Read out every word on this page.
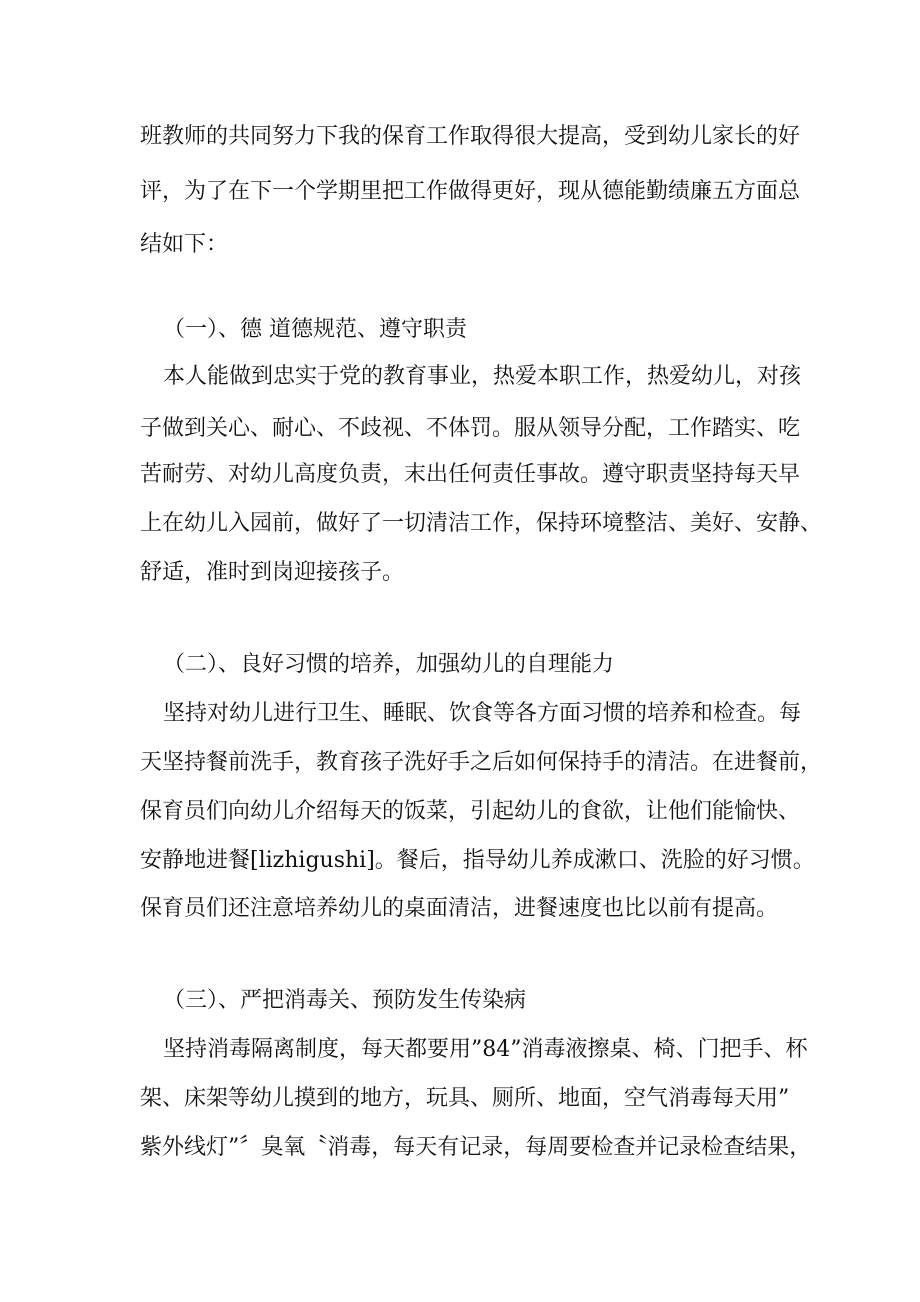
班教师的共同努力下我的保育工作取得很大提高，受到幼儿家长的好
评，为了在下一个学期里把工作做得更好，现从德能勤绩廉五方面总
结如下：
（一）、德 道德规范、遵守职责
本人能做到忠实于党的教育事业，热爱本职工作，热爱幼儿，对孩
子做到关心、耐心、不歧视、不体罚。服从领导分配，工作踏实、吃
苦耐劳、对幼儿高度负责，末出任何责任事故。遵守职责坚持每天早
上在幼儿入园前，做好了一切清洁工作，保持环境整洁、美好、安静、
舒适，准时到岗迎接孩子。
（二）、良好习惯的培养，加强幼儿的自理能力
坚持对幼儿进行卫生、睡眠、饮食等各方面习惯的培养和检查。每
天坚持餐前洗手，教育孩子洗好手之后如何保持手的清洁。在进餐前，
保育员们向幼儿介绍每天的饭菜，引起幼儿的食欲，让他们能愉快、
安静地进餐[lizhigushi]。餐后，指导幼儿养成漱口、洗脸的好习惯。
保育员们还注意培养幼儿的桌面清洁，进餐速度也比以前有提高。
（三）、严把消毒关、预防发生传染病
坚持消毒隔离制度，每天都要用”84”消毒液擦桌、椅、门把手、杯
架、床架等幼儿摸到的地方，玩具、厕所、地面，空气消毒每天用”
紫外线灯”〞臭氧〝消毒，每天有记录，每周要检查并记录检查结果，
